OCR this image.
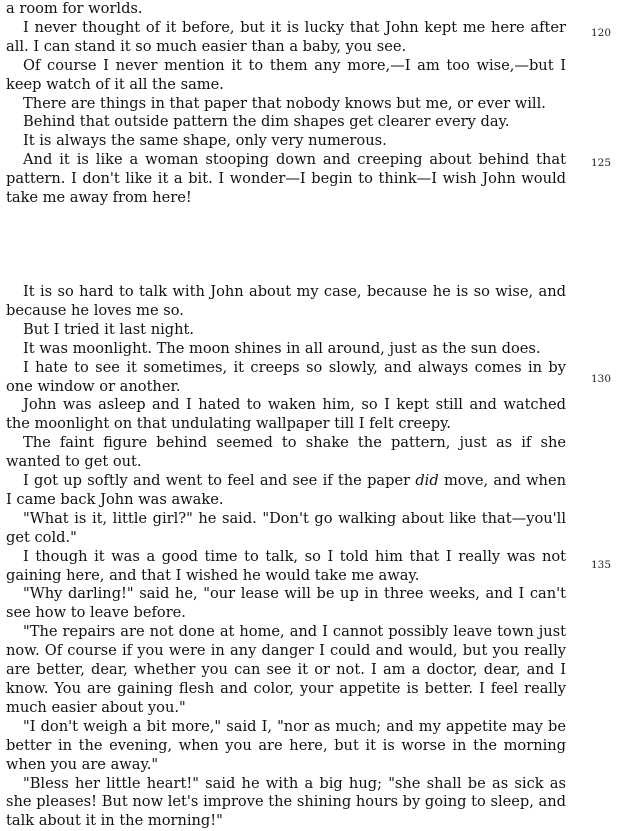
a room for worlds.

I never thought of it before, but it is lucky that John kept me here after all. I can stand it so much easier than a baby, you see.

Of course I never mention it to them any more,—I am too wise,—but I keep watch of it all the same.

There are things in that paper that nobody knows but me, or ever will.

Behind that outside pattern the dim shapes get clearer every day.

It is always the same shape, only very numerous.

And it is like a woman stooping down and creeping about behind that pattern. I don't like it a bit. I wonder—I begin to think—I wish John would take me away from here!

It is so hard to talk with John about my case, because he is so wise, and because he loves me so.

But I tried it last night.

It was moonlight. The moon shines in all around, just as the sun does.

I hate to see it sometimes, it creeps so slowly, and always comes in by one window or another.

John was asleep and I hated to waken him, so I kept still and watched the moonlight on that undulating wallpaper till I felt creepy.

The faint figure behind seemed to shake the pattern, just as if she wanted to get out.

I got up softly and went to feel and see if the paper did move, and when I came back John was awake.

"What is it, little girl?" he said. "Don't go walking about like that—you'll get cold."

I though it was a good time to talk, so I told him that I really was not gaining here, and that I wished he would take me away.

"Why darling!" said he, "our lease will be up in three weeks, and I can't see how to leave before.

"The repairs are not done at home, and I cannot possibly leave town just now. Of course if you were in any danger I could and would, but you really are better, dear, whether you can see it or not. I am a doctor, dear, and I know. You are gaining flesh and color, your appetite is better. I feel really much easier about you."

"I don't weigh a bit more," said I, "nor as much; and my appetite may be better in the evening, when you are here, but it is worse in the morning when you are away."

"Bless her little heart!" said he with a big hug; "she shall be as sick as she pleases! But now let's improve the shining hours by going to sleep, and talk about it in the morning!"

120
125
130
135
